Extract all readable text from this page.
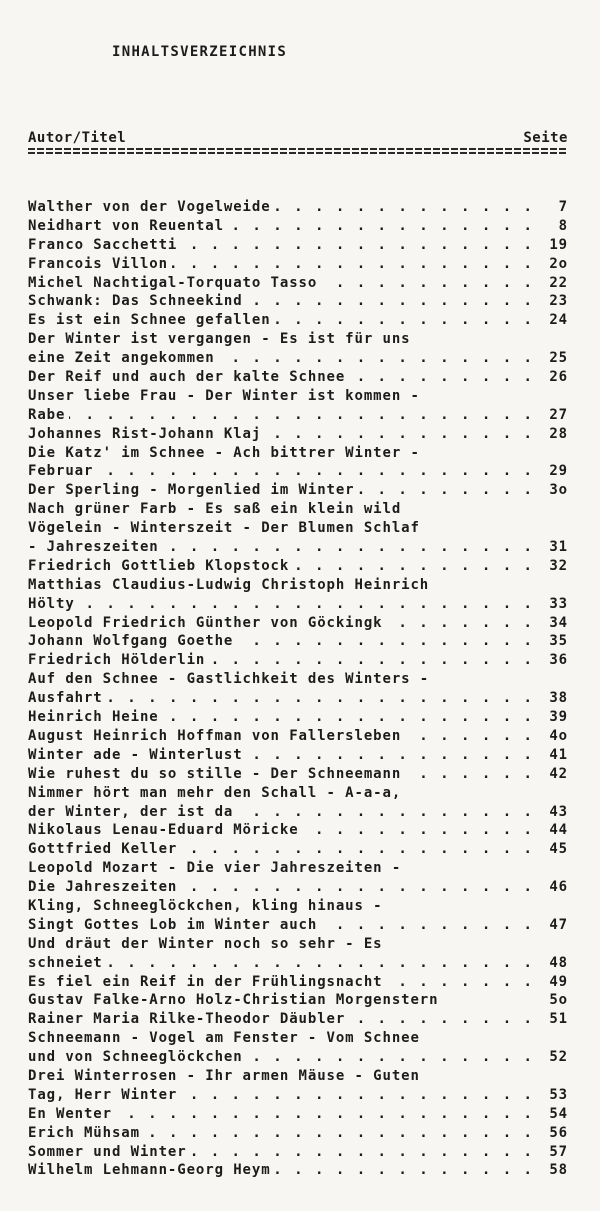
INHALTSVERZEICHNIS
Autor/Titel	Seite
. . . Walther von der Vogelweide	7
. . . Neidhart von Reuental	8
. . . Franco Sacchetti	19
. . . Francois Villon	2o
. . . Michel Nachtigal-Torquato Tasso	22
. . . Schwank: Das Schneekind	23
. . . Es ist ein Schnee gefallen	24
Der Winter ist vergangen - Es ist für uns
. . . eine Zeit angekommen	25
. . . Der Reif und auch der kalte Schnee	26
Unser liebe Frau - Der Winter ist kommen -
. . . Rabe	27
. . . Johannes Rist-Johann Klaj	28
Die Katz' im Schnee - Ach bittrer Winter -
. . . Februar	29
. . . Der Sperling - Morgenlied im Winter	3o
Nach grüner Farb - Es saß ein klein wild
Vögelein - Winterszeit - Der Blumen Schlaf
. . . - Jahreszeiten	31
. . . Friedrich Gottlieb Klopstock	32
Matthias Claudius-Ludwig Christoph Heinrich
. . . Hölty	33
. . . Leopold Friedrich Günther von Göckingk	34
. . . Johann Wolfgang Goethe	35
. . . Friedrich Hölderlin	36
Auf den Schnee - Gastlichkeit des Winters -
. . . Ausfahrt	38
. . . Heinrich Heine	39
. . . August Heinrich Hoffman von Fallersleben	4o
. . . Winter ade - Winterlust	41
. . . Wie ruhest du so stille - Der Schneemann	42
Nimmer hört man mehr den Schall - A-a-a,
. . . der Winter, der ist da	43
. . . Nikolaus Lenau-Eduard Möricke	44
. . . Gottfried Keller	45
Leopold Mozart - Die vier Jahreszeiten -
. . . Die Jahreszeiten	46
Kling, Schneeglöckchen, kling hinaus -
. . . Singt Gottes Lob im Winter auch	47
Und dräut der Winter noch so sehr - Es
. . . schneiet	48
. . . Es fiel ein Reif in der Frühlingsnacht	49
Gustav Falke-Arno Holz-Christian Morgenstern	5o
. . . Rainer Maria Rilke-Theodor Däubler	51
Schneemann - Vogel am Fenster - Vom Schnee
. . . und von Schneeglöckchen	52
Drei Winterrosen - Ihr armen Mäuse - Guten
. . . Tag, Herr Winter	53
. . . En Wenter	54
. . . Erich Mühsam	56
. . . Sommer und Winter	57
. . . Wilhelm Lehmann-Georg Heym	58
